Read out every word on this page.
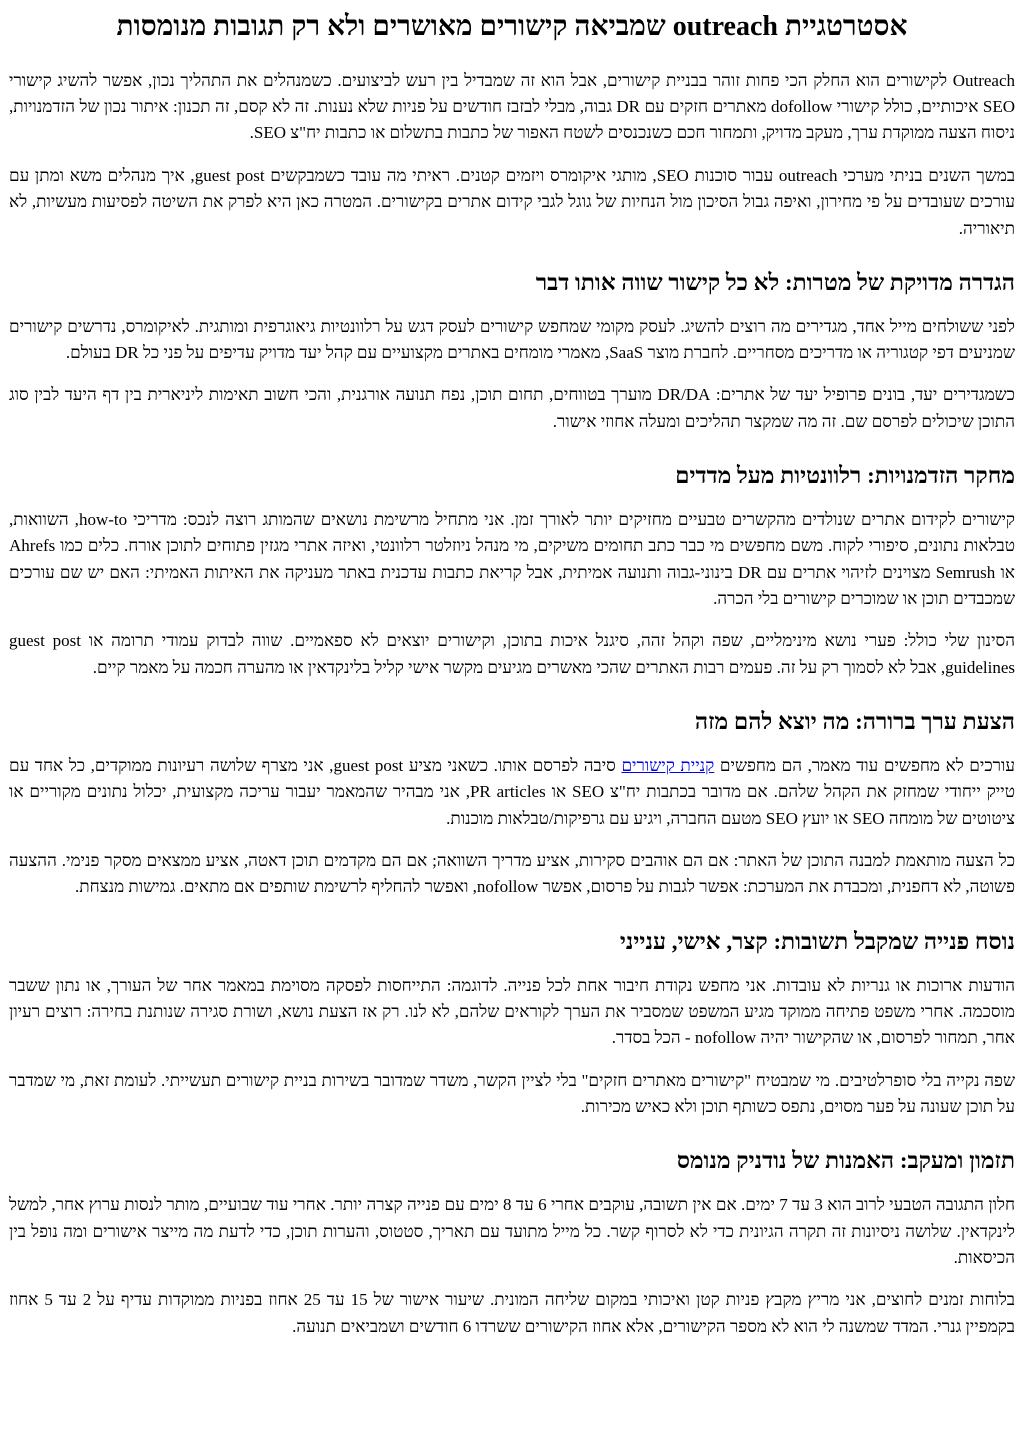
אסטרטגיית outreach שמביאה קישורים מאושרים ולא רק תגובות מנומסות

Outreach לקישורים הוא החלק הכי פחות זוהר בבניית קישורים, אבל הוא זה שמבדיל בין רעש לביצועים. כשמנהלים את התהליך נכון, אפשר להשיג קישורי SEO איכותיים, כולל קישורי dofollow מאתרים חזקים עם DR גבוה, מבלי לבזבז חודשים על פניות שלא נענות. זה לא קסם, זה תכנון: איתור נכון של הזדמנויות, ניסוח הצעה ממוקדת ערך, מעקב מדויק, ותמחור חכם כשנכנסים לשטח האפור של כתבות בתשלום או כתבות יח"צ SEO.

במשך השנים בניתי מערכי outreach עבור סוכנות SEO, מותגי איקומרס ויזמים קטנים. ראיתי מה עובד כשמבקשים guest post, איך מנהלים משא ומתן עם עורכים שעובדים על פי מחירון, ואיפה גבול הסיכון מול הנחיות של גוגל לגבי קידום אתרים בקישורים. המטרה כאן היא לפרק את השיטה לפסיעות מעשיות, לא תיאוריה.

הגדרה מדויקת של מטרות: לא כל קישור שווה אותו דבר

לפני ששולחים מייל אחד, מגדירים מה רוצים להשיג. לעסק מקומי שמחפש קישורים לעסק דגש על רלוונטיות גיאוגרפית ומותגית. לאיקומרס, נדרשים קישורים שמניעים דפי קטגוריה או מדריכים מסחריים. לחברת מוצר SaaS, מאמרי מומחים באתרים מקצועיים עם קהל יעד מדויק עדיפים על פני כל DR בעולם.

כשמגדירים יעד, בונים פרופיל יעד של אתרים: DR/DA מוערך בטווחים, תחום תוכן, נפח תנועה אורגנית, והכי חשוב תאימות ליניארית בין דף היעד לבין סוג התוכן שיכולים לפרסם שם. זה מה שמקצר תהליכים ומעלה אחוזי אישור.

מחקר הזדמנויות: רלוונטיות מעל מדדים

קישורים לקידום אתרים שנולדים מהקשרים טבעיים מחזיקים יותר לאורך זמן. אני מתחיל מרשימת נושאים שהמותג רוצה לנכס: מדריכי how-to, השוואות, טבלאות נתונים, סיפורי לקוח. משם מחפשים מי כבר כתב תחומים משיקים, מי מנהל ניוזלטר רלוונטי, ואיזה אתרי מגזין פתוחים לתוכן אורח. כלים כמו Ahrefs או Semrush מצוינים לזיהוי אתרים עם DR בינוני-גבוה ותנועה אמיתית, אבל קריאת כתבות עדכנית באתר מעניקה את האיתות האמיתי: האם יש שם עורכים שמכבדים תוכן או שמוכרים קישורים בלי הכרה.

הסינון שלי כולל: פערי נושא מינימליים, שפה וקהל זהה, סיגנל איכות בתוכן, וקישורים יוצאים לא ספאמיים. שווה לבדוק עמודי תרומה או guest post guidelines, אבל לא לסמוך רק על זה. פעמים רבות האתרים שהכי מאשרים מגיעים מקשר אישי קליל בלינקדאין או מהערה חכמה על מאמר קיים.

הצעת ערך ברורה: מה יוצא להם מזה

עורכים לא מחפשים עוד מאמר, הם מחפשים קניית קישורים סיבה לפרסם אותו. כשאני מציע guest post, אני מצרף שלושה רעיונות ממוקדים, כל אחד עם טייק ייחודי שמחזק את הקהל שלהם. אם מדובר בכתבות יח"צ SEO או PR articles, אני מבהיר שהמאמר יעבור עריכה מקצועית, יכלול נתונים מקוריים או ציטוטים של מומחה SEO או יועץ SEO מטעם החברה, ויגיע עם גרפיקות/טבלאות מוכנות.

כל הצעה מותאמת למבנה התוכן של האתר: אם הם אוהבים סקירות, אציע מדריך השוואה; אם הם מקדמים תוכן דאטה, אציע ממצאים מסקר פנימי. ההצעה פשוטה, לא דחפנית, ומכבדת את המערכת: אפשר לגבות על פרסום, אפשר nofollow, ואפשר להחליף לרשימת שותפים אם מתאים. גמישות מנצחת.

נוסח פנייה שמקבל תשובות: קצר, אישי, ענייני

הודעות ארוכות או גנריות לא עובדות. אני מחפש נקודת חיבור אחת לכל פנייה. לדוגמה: התייחסות לפסקה מסוימת במאמר אחר של העורך, או נתון ששבר מוסכמה. אחרי משפט פתיחה ממוקד מגיע המשפט שמסביר את הערך לקוראים שלהם, לא לנו. רק אז הצעת נושא, ושורת סגירה שנותנת בחירה: רוצים רעיון אחר, תמחור לפרסום, או שהקישור יהיה nofollow - הכל בסדר.

שפה נקייה בלי סופרלטיבים. מי שמבטיח "קישורים מאתרים חזקים" בלי לציין הקשר, משדר שמדובר בשירות בניית קישורים תעשייתי. לעומת זאת, מי שמדבר על תוכן שעונה על פער מסוים, נתפס כשותף תוכן ולא כאיש מכירות.

תזמון ומעקב: האמנות של נודניק מנומס

חלון התגובה הטבעי לרוב הוא 3 עד 7 ימים. אם אין תשובה, עוקבים אחרי 6 עד 8 ימים עם פנייה קצרה יותר. אחרי עוד שבועיים, מותר לנסות ערוץ אחר, למשל לינקדאין. שלושה ניסיונות זה תקרה הגיונית כדי לא לסרוף קשר. כל מייל מתועד עם תאריך, סטטוס, והערות תוכן, כדי לדעת מה מייצר אישורים ומה נופל בין הכיסאות.

בלוחות זמנים לחוצים, אני מריץ מקבץ פניות קטן ואיכותי במקום שליחה המונית. שיעור אישור של 15 עד 25 אחוז בפניות ממוקדות עדיף על 2 עד 5 אחוז בקמפיין גנרי. המדד שמשנה לי הוא לא מספר הקישורים, אלא אחוז הקישורים ששרדו 6 חודשים ושמביאים תנועה.
